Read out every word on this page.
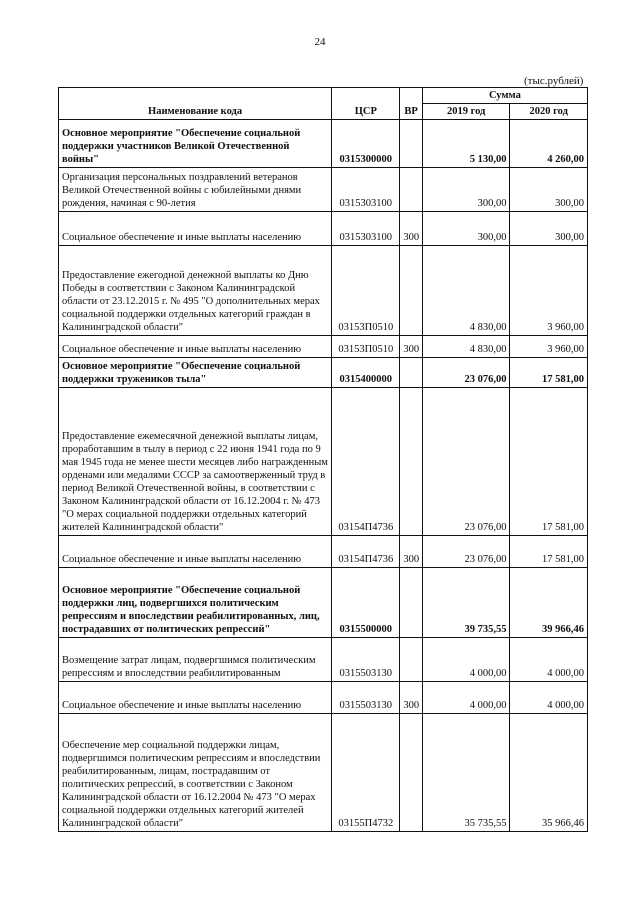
24
(тыс.рублей)
Наименование кода	ЦСР	ВР	Сумма	
			2019 год	2020 год
Основное мероприятие "Обеспечение социальной поддержки участников Великой Отечественной войны"	0315300000		5 130,00	4 260,00
Организация персональных поздравлений ветеранов Великой Отечественной войны с юбилейными днями рождения, начиная с 90-летия	0315303100		300,00	300,00
Социальное обеспечение и иные выплаты населению	0315303100	300	300,00	300,00
Предоставление ежегодной денежной выплаты ко Дню Победы в соответствии с Законом Калининградской области от 23.12.2015 г. № 495 "О дополнительных мерах социальной поддержки отдельных категорий граждан в Калининградской области"	03153П0510		4 830,00	3 960,00
Социальное обеспечение и иные выплаты населению	03153П0510	300	4 830,00	3 960,00
Основное мероприятие "Обеспечение социальной поддержки тружеников тыла"	0315400000		23 076,00	17 581,00
Предоставление ежемесячной денежной выплаты лицам, проработавшим в тылу в период с 22 июня 1941 года по 9 мая 1945 года не менее шести месяцев либо награжденным орденами или медалями СССР за самоотверженный труд в период Великой Отечественной войны, в соответствии с Законом Калининградской области от 16.12.2004 г. № 473 "О мерах социальной поддержки отдельных категорий жителей Калининградской области"	03154П4736		23 076,00	17 581,00
Социальное обеспечение и иные выплаты населению	03154П4736	300	23 076,00	17 581,00
Основное мероприятие "Обеспечение социальной поддержки лиц, подвергшихся политическим репрессиям и впоследствии реабилитированных, лиц, пострадавших от политических репрессий"	0315500000		39 735,55	39 966,46
Возмещение затрат лицам, подвергшимся политическим репрессиям и впоследствии реабилитированным	0315503130		4 000,00	4 000,00
Социальное обеспечение и иные выплаты населению	0315503130	300	4 000,00	4 000,00
Обеспечение мер социальной поддержки лицам, подвергшимся политическим репрессиям и впоследствии реабилитированным, лицам, пострадавшим от политических репрессий, в соответствии с Законом Калининградской области от 16.12.2004 № 473 "О мерах социальной поддержки отдельных категорий жителей Калининградской области"	03155П4732		35 735,55	35 966,46
